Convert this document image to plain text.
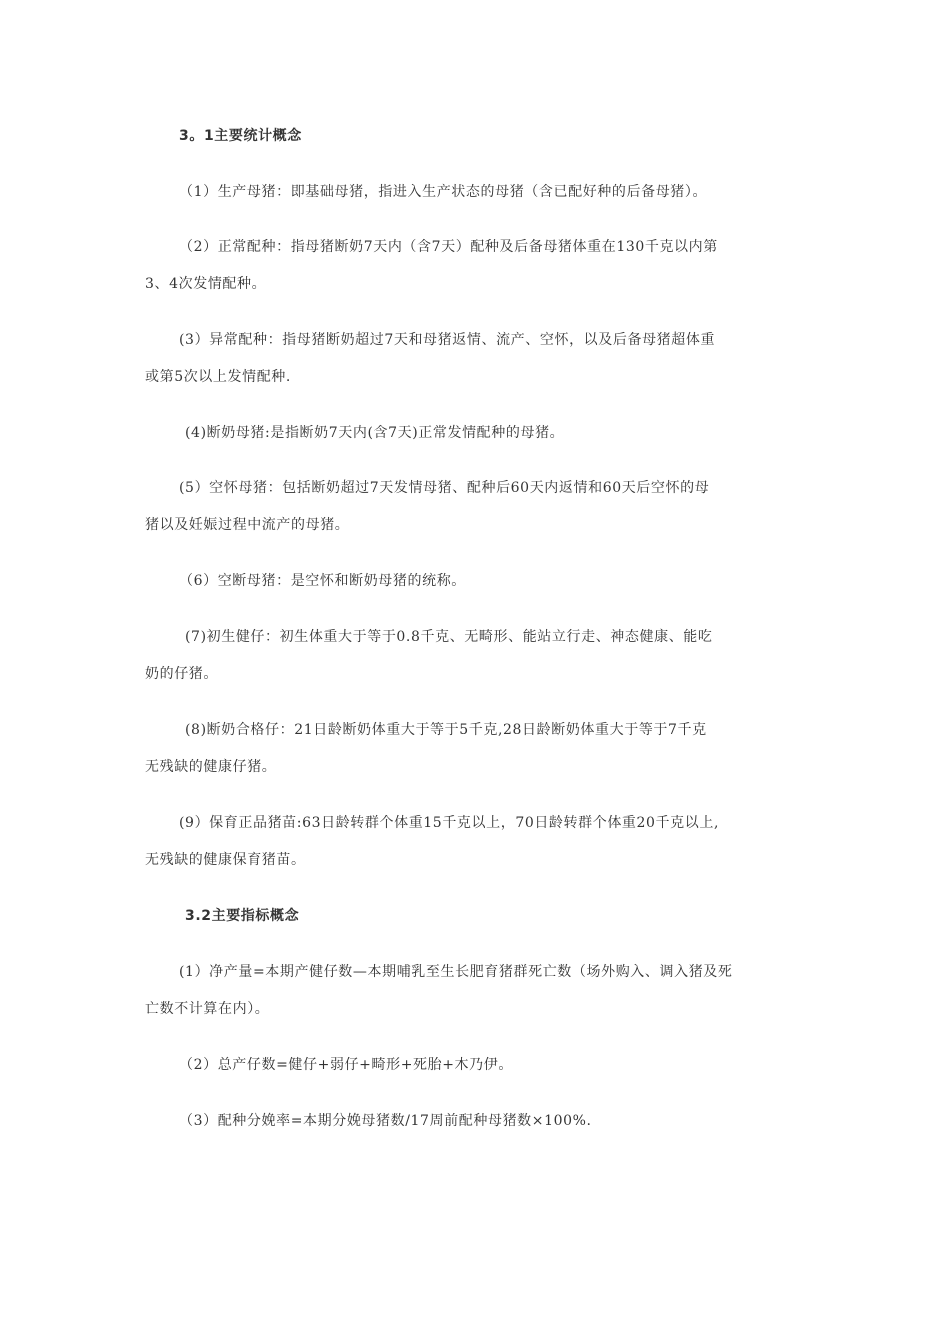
3。1主要统计概念
（1）生产母猪：即基础母猪，指进入生产状态的母猪（含已配好种的后备母猪）。
（2）正常配种：指母猪断奶7天内（含7天）配种及后备母猪体重在130千克以内第
3、4次发情配种。
(3）异常配种：指母猪断奶超过7天和母猪返情、流产、空怀，以及后备母猪超体重
或第5次以上发情配种.
(4)断奶母猪:是指断奶7天内(含7天)正常发情配种的母猪。
(5）空怀母猪：包括断奶超过7天发情母猪、配种后60天内返情和60天后空怀的母
猪以及妊娠过程中流产的母猪。
（6）空断母猪：是空怀和断奶母猪的统称。
(7)初生健仔：初生体重大于等于0.8千克、无畸形、能站立行走、神态健康、能吃
奶的仔猪。
(8)断奶合格仔：21日龄断奶体重大于等于5千克,28日龄断奶体重大于等于7千克
无残缺的健康仔猪。
(9）保育正品猪苗:63日龄转群个体重15千克以上，70日龄转群个体重20千克以上,
无残缺的健康保育猪苗。
3.2主要指标概念
(1）净产量=本期产健仔数—本期哺乳至生长肥育猪群死亡数（场外购入、调入猪及死
亡数不计算在内）。
（2）总产仔数=健仔+弱仔+畸形+死胎+木乃伊。
（3）配种分娩率=本期分娩母猪数/17周前配种母猪数×100%.
